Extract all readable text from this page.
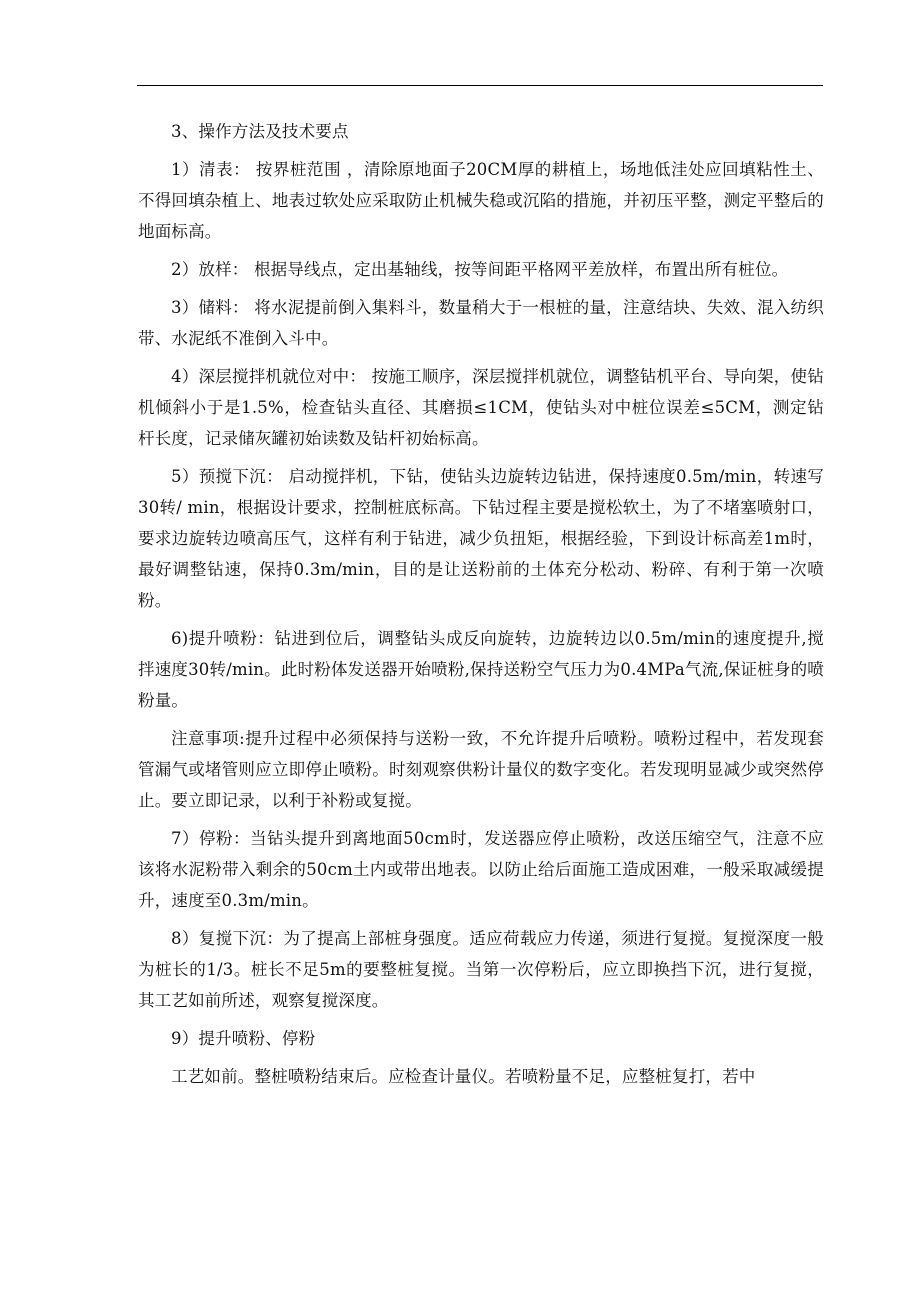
3、操作方法及技术要点

1）清表： 按界桩范围 ，清除原地面子20CM厚的耕植上，场地低洼处应回填粘性土、不得回填杂植上、地表过软处应采取防止机械失稳或沉陷的措施，并初压平整，测定平整后的地面标高。

2）放样： 根据导线点，定出基轴线，按等间距平格网平差放样，布置出所有桩位。

3）储料： 将水泥提前倒入集料斗，数量稍大于一根桩的量，注意结块、失效、混入纺织带、水泥纸不准倒入斗中。

4）深层搅拌机就位对中： 按施工顺序，深层搅拌机就位，调整钻机平台、导向架，使钻机倾斜小于是1.5%，检查钻头直径、其磨损≤1CM，使钻头对中桩位误差≤5CM，测定钻杆长度，记录储灰罐初始读数及钻杆初始标高。

5）预搅下沉： 启动搅拌机，下钻，使钻头边旋转边钻进，保持速度0.5m/min，转速写30转/ min，根据设计要求，控制桩底标高。下钻过程主要是搅松软土，为了不堵塞喷射口，要求边旋转边喷高压气，这样有利于钻进，减少负扭矩，根据经验，下到设计标高差1m时，最好调整钻速，保持0.3m/min，目的是让送粉前的土体充分松动、粉碎、有利于第一次喷粉。

6)提升喷粉：钻进到位后，调整钻头成反向旋转，边旋转边以0.5m/min的速度提升,搅拌速度30转/min。此时粉体发送器开始喷粉,保持送粉空气压力为0.4MPa气流,保证桩身的喷粉量。

注意事项:提升过程中必须保持与送粉一致，不允许提升后喷粉。喷粉过程中，若发现套管漏气或堵管则应立即停止喷粉。时刻观察供粉计量仪的数字变化。若发现明显减少或突然停止。要立即记录，以利于补粉或复搅。

7）停粉：当钻头提升到离地面50cm时，发送器应停止喷粉，改送压缩空气，注意不应该将水泥粉带入剩余的50cm土内或带出地表。以防止给后面施工造成困难，一般采取减缓提升，速度至0.3m/min。

8）复搅下沉：为了提高上部桩身强度。适应荷载应力传递，须进行复搅。复搅深度一般为桩长的1/3。桩长不足5m的要整桩复搅。当第一次停粉后，应立即换挡下沉，进行复搅，其工艺如前所述，观察复搅深度。

9）提升喷粉、停粉

工艺如前。整桩喷粉结束后。应检查计量仪。若喷粉量不足，应整桩复打，若中
